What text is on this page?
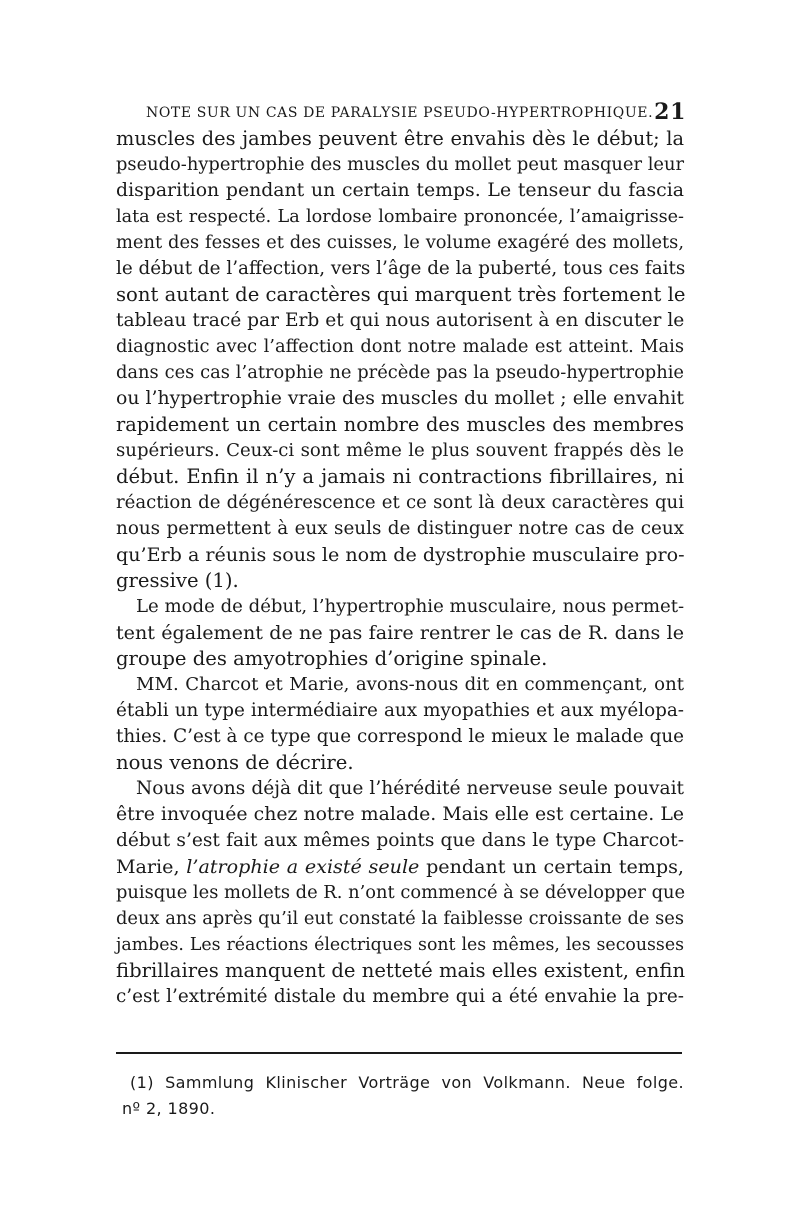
NOTE SUR UN CAS DE PARALYSIE PSEUDO-HYPERTROPHIQUE. 21
muscles des jambes peuvent être envahis dès le début; la
pseudo-hypertrophie des muscles du mollet peut masquer leur
disparition pendant un certain temps. Le tenseur du fascia
lata est respecté. La lordose lombaire prononcée, l’amaigrisse-
ment des fesses et des cuisses, le volume exagéré des mollets,
le début de l’affection, vers l’âge de la puberté, tous ces faits
sont autant de caractères qui marquent très fortement le
tableau tracé par Erb et qui nous autorisent à en discuter le
diagnostic avec l’affection dont notre malade est atteint. Mais
dans ces cas l’atrophie ne précède pas la pseudo-hypertrophie
ou l’hypertrophie vraie des muscles du mollet ; elle envahit
rapidement un certain nombre des muscles des membres
supérieurs. Ceux-ci sont même le plus souvent frappés dès le
début. Enfin il n’y a jamais ni contractions fibrillaires, ni
réaction de dégénérescence et ce sont là deux caractères qui
nous permettent à eux seuls de distinguer notre cas de ceux
qu’Erb a réunis sous le nom de dystrophie musculaire pro-
gressive (1).
Le mode de début, l’hypertrophie musculaire, nous permet-
tent également de ne pas faire rentrer le cas de R. dans le
groupe des amyotrophies d’origine spinale.
MM. Charcot et Marie, avons-nous dit en commençant, ont
établi un type intermédiaire aux myopathies et aux myélopa-
thies. C’est à ce type que correspond le mieux le malade que
nous venons de décrire.
Nous avons déjà dit que l’hérédité nerveuse seule pouvait
être invoquée chez notre malade. Mais elle est certaine. Le
début s’est fait aux mêmes points que dans le type Charcot-
Marie, l’atrophie a existé seule pendant un certain temps,
puisque les mollets de R. n’ont commencé à se développer que
deux ans après qu’il eut constaté la faiblesse croissante de ses
jambes. Les réactions électriques sont les mêmes, les secousses
fibrillaires manquent de netteté mais elles existent, enfin
c’est l’extrémité distale du membre qui a été envahie la pre-
(1) Sammlung Klinischer Vorträge von Volkmann. Neue folge.
nº 2, 1890.
